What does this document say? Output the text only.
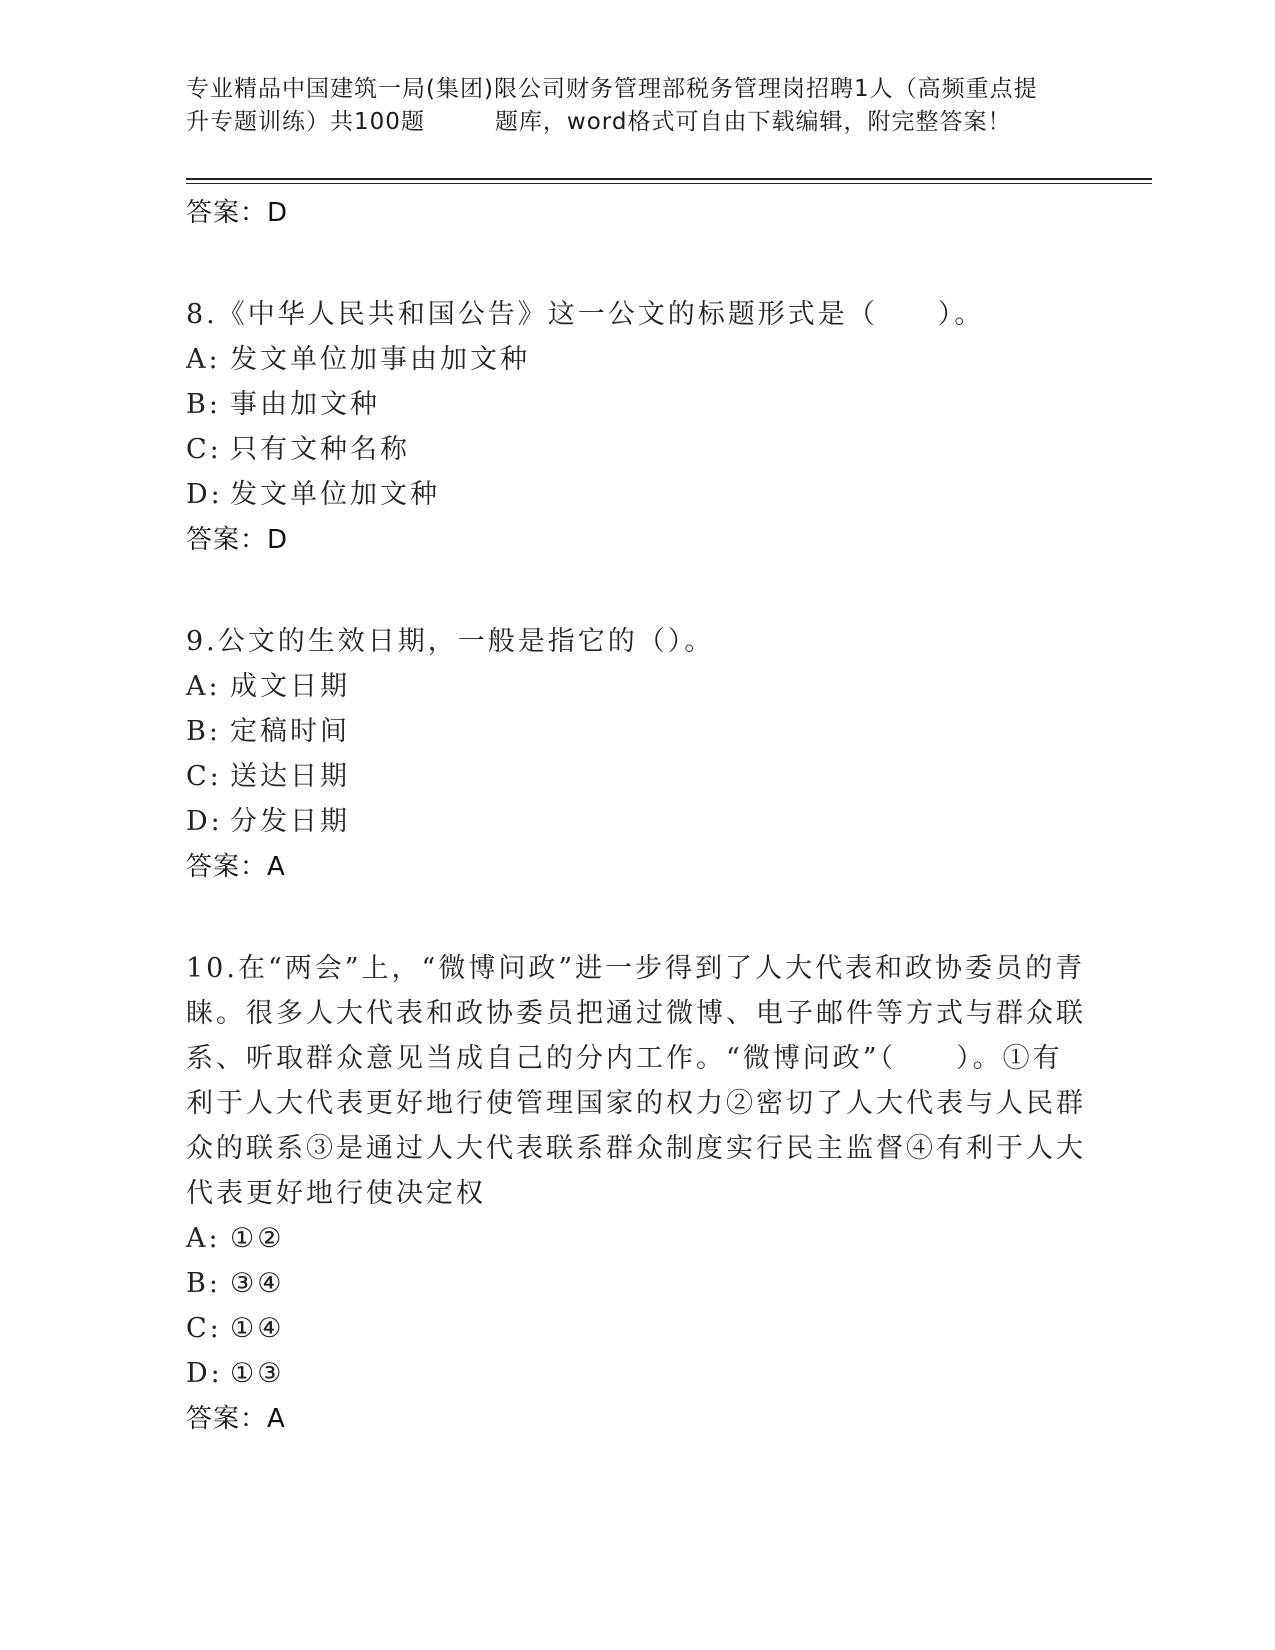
专业精品中国建筑一局(集团)限公司财务管理部税务管理岗招聘1人（高频重点提
升专题训练）共100题	题库，word格式可自由下载编辑，附完整答案！
答案：D
8.《中华人民共和国公告》这一公文的标题形式是（　　）。
A: 发文单位加事由加文种
B: 事由加文种
C: 只有文种名称
D: 发文单位加文种
答案：D
9.公文的生效日期，一般是指它的（）。
A: 成文日期
B: 定稿时间
C: 送达日期
D: 分发日期
答案：A
10.在“两会”上，“微博问政”进一步得到了人大代表和政协委员的青睐。很多人大代表和政协委员把通过微博、电子邮件等方式与群众联系、听取群众意见当成自己的分内工作。“微博问政”（　　）。①有利于人大代表更好地行使管理国家的权力②密切了人大代表与人民群众的联系③是通过人大代表联系群众制度实行民主监督④有利于人大代表更好地行使决定权
A: ①②
B: ③④
C: ①④
D: ①③
答案：A
